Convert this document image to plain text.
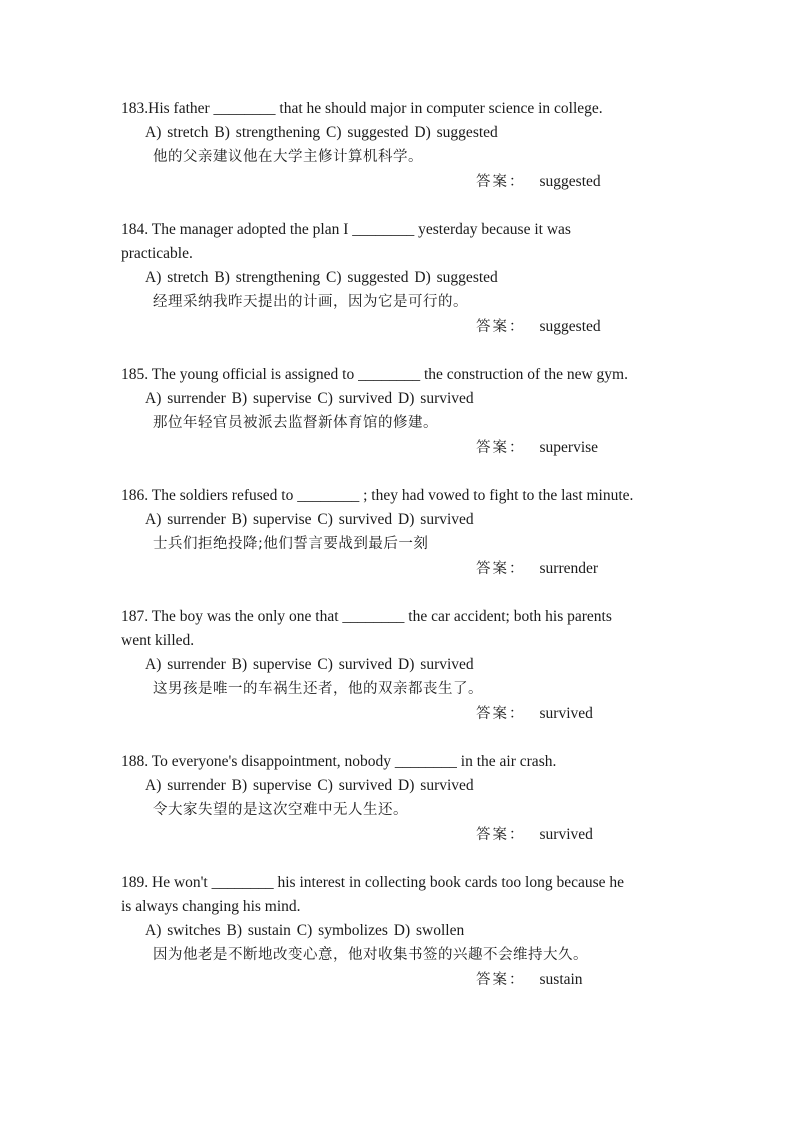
183.His father ________ that he should major in computer science in college.
A) stretch B) strengthening C) suggested D) suggested
他的父亲建议他在大学主修计算机科学。
答案： suggested
184. The manager adopted the plan I ________ yesterday because it was
practicable.
A) stretch B) strengthening C) suggested D) suggested
经理采纳我昨天提出的计画，因为它是可行的。
答案： suggested
185. The young official is assigned to ________ the construction of the new gym.
A) surrender B) supervise C) survived D) survived
那位年轻官员被派去监督新体育馆的修建。
答案： supervise
186. The soldiers refused to ________ ; they had vowed to fight to the last minute.
A) surrender B) supervise C) survived D) survived
士兵们拒绝投降;他们誓言要战到最后一刻
答案： surrender
187. The boy was the only one that ________ the car accident; both his parents
went killed.
A) surrender B) supervise C) survived D) survived
这男孩是唯一的车祸生还者，他的双亲都丧生了。
答案： survived
188. To everyone's disappointment, nobody ________ in the air crash.
A) surrender B) supervise C) survived D) survived
令大家失望的是这次空难中无人生还。
答案： survived
189. He won't ________ his interest in collecting book cards too long because he
is always changing his mind.
A) switches B) sustain C) symbolizes D) swollen
因为他老是不断地改变心意，他对收集书签的兴趣不会维持大久。
答案： sustain
